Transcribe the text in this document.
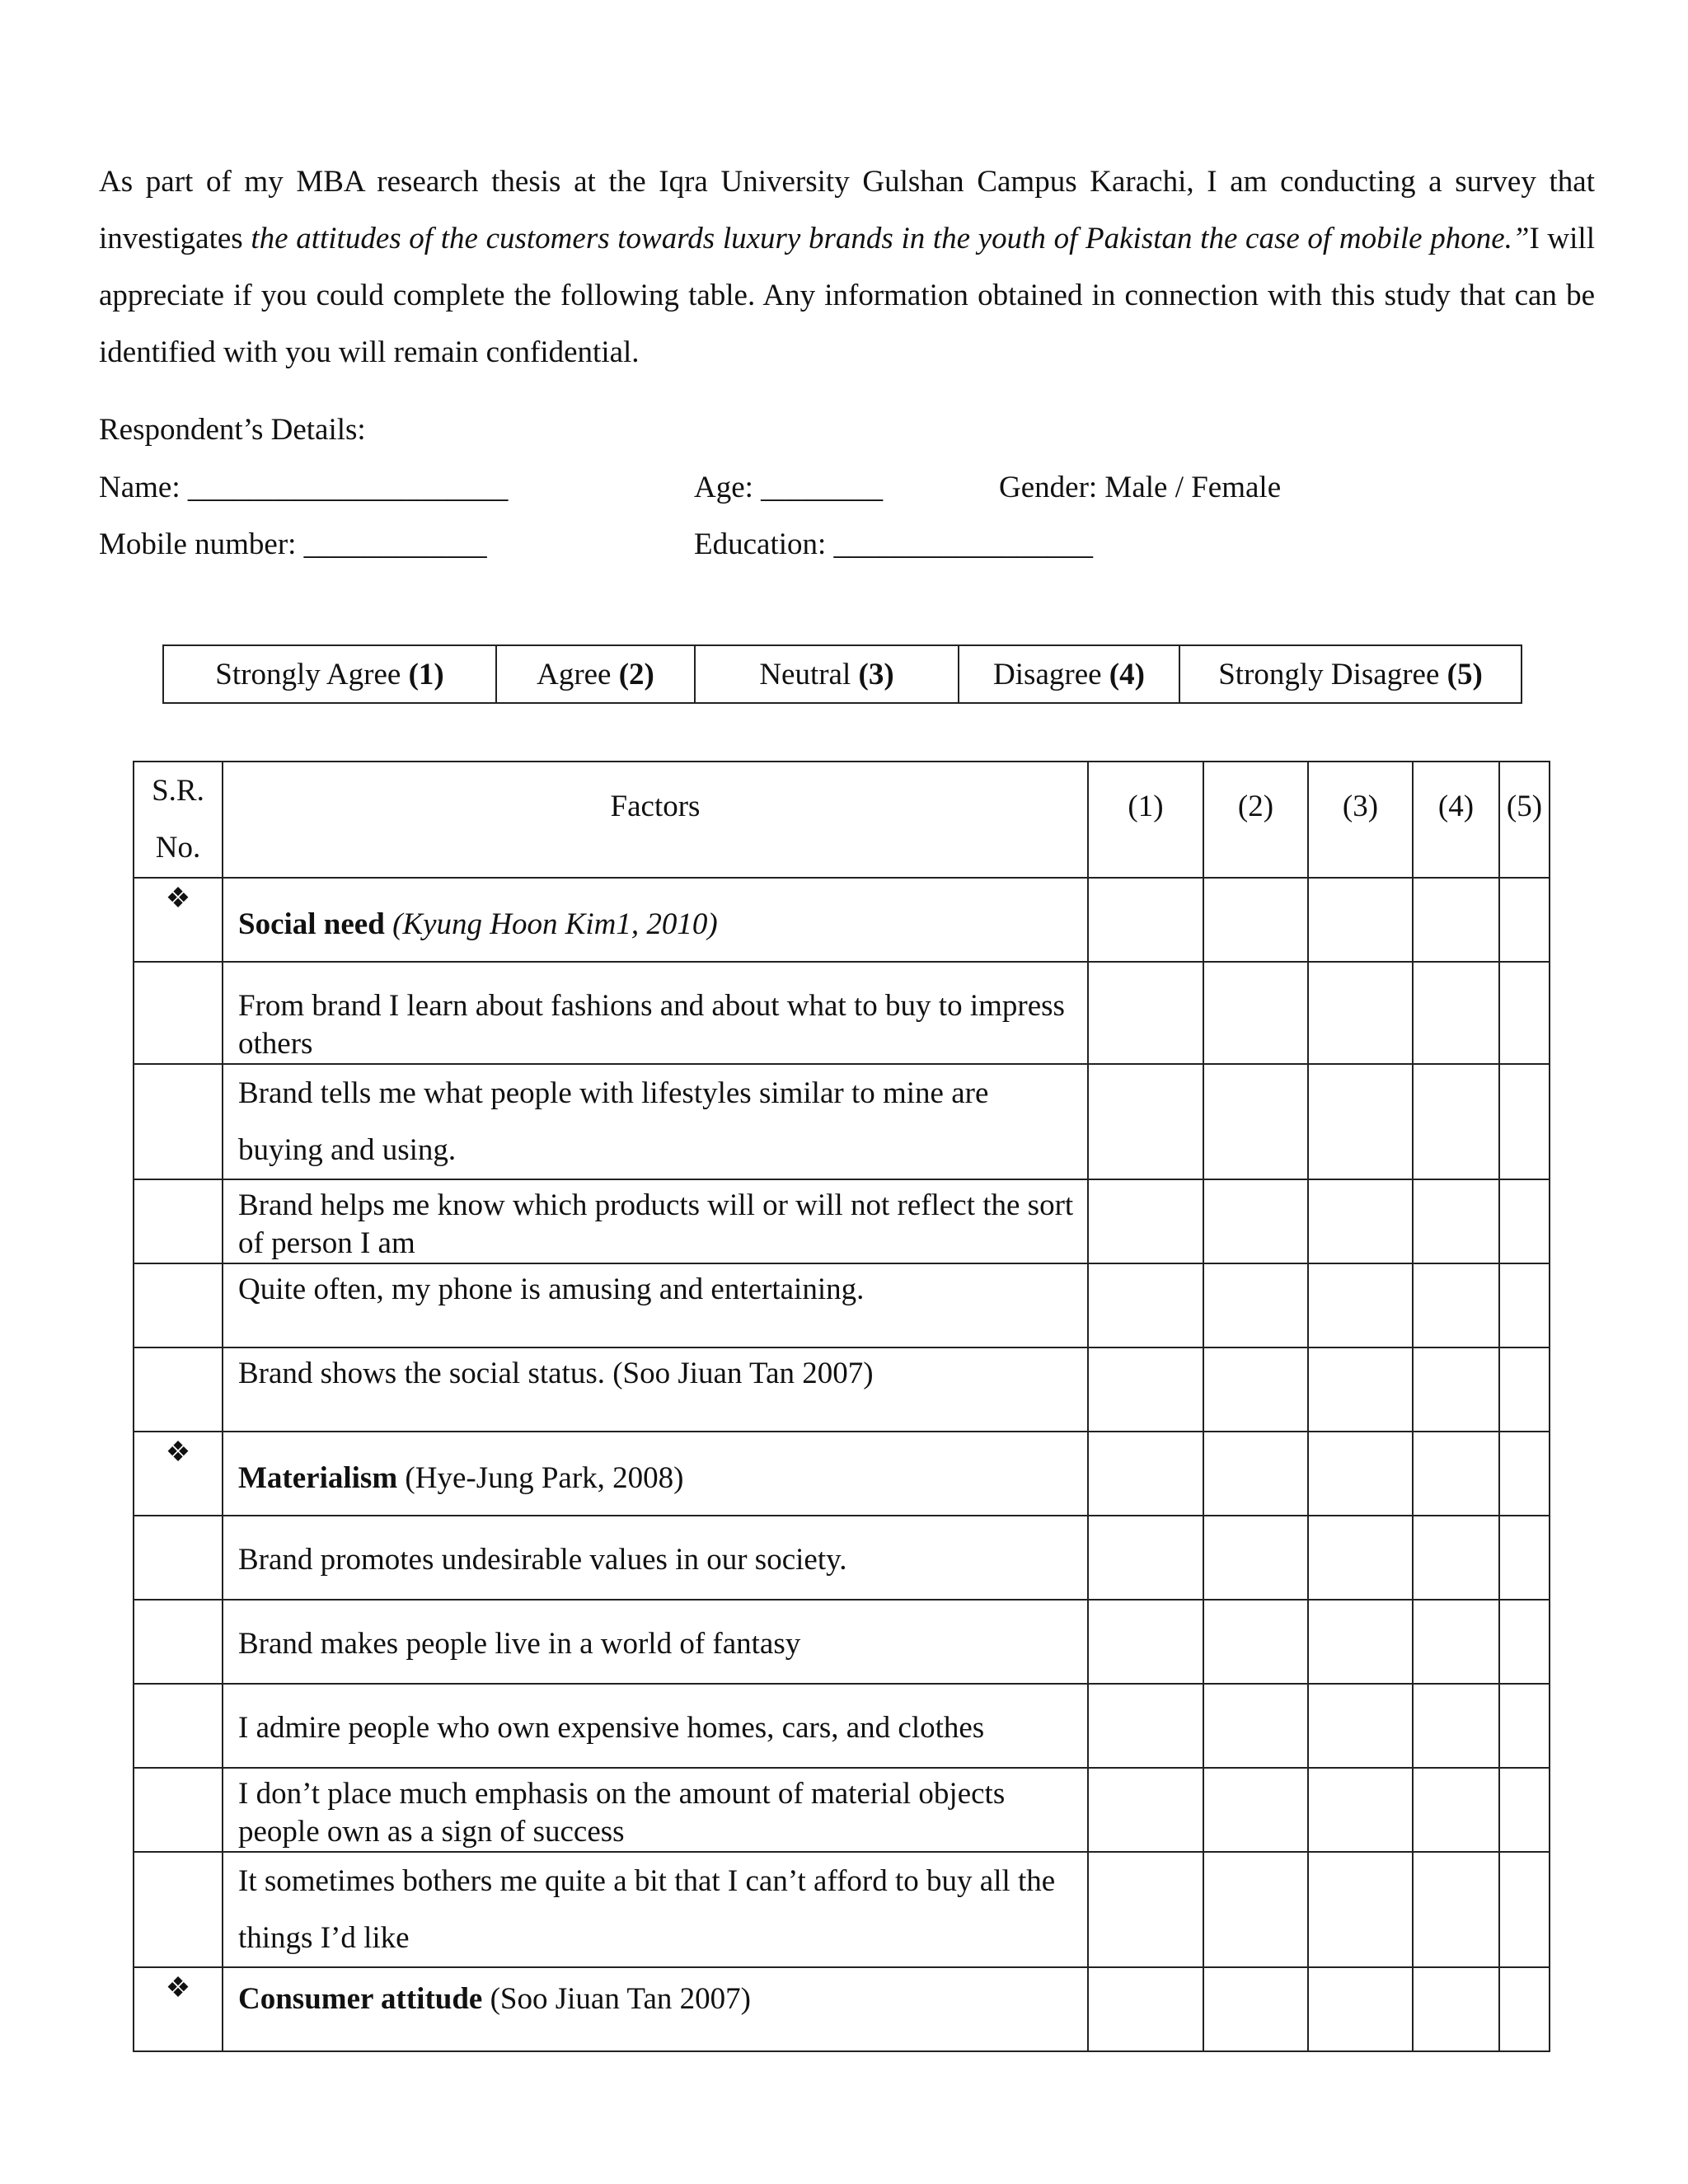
As part of my MBA research thesis at the Iqra University Gulshan Campus Karachi, I am conducting a survey that investigates the attitudes of the customers towards luxury brands in the youth of Pakistan the case of mobile phone.”I will appreciate if you could complete the following table. Any information obtained in connection with this study that can be identified with you will remain confidential.

Respondent’s Details:

Name: _____________________	Age: ________	Gender: Male / Female
Mobile number: ____________	Education: _________________
Strongly Agree (1)	Agree (2)	Neutral (3)	Disagree (4)	Strongly Disagree (5)
S.R.
No.	Factors	(1)	(2)	(3)	(4)	(5)
❖	Social need (Kyung Hoon Kim1, 2010)					
	From brand I learn about fashions and about what to buy to impress others					
	Brand tells me what people with lifestyles similar to mine are buying and using.					
	Brand helps me know which products will or will not reflect the sort of person I am					
	Quite often, my phone is amusing and entertaining.					
	Brand shows the social status. (Soo Jiuan Tan 2007)					
❖	Materialism (Hye-Jung Park, 2008)					
	Brand promotes undesirable values in our society.					
	Brand makes people live in a world of fantasy					
	I admire people who own expensive homes, cars, and clothes					
	I don’t place much emphasis on the amount of material objects people own as a sign of success					
	It sometimes bothers me quite a bit that I can’t afford to buy all the things I’d like					
❖	Consumer attitude (Soo Jiuan Tan 2007)					
